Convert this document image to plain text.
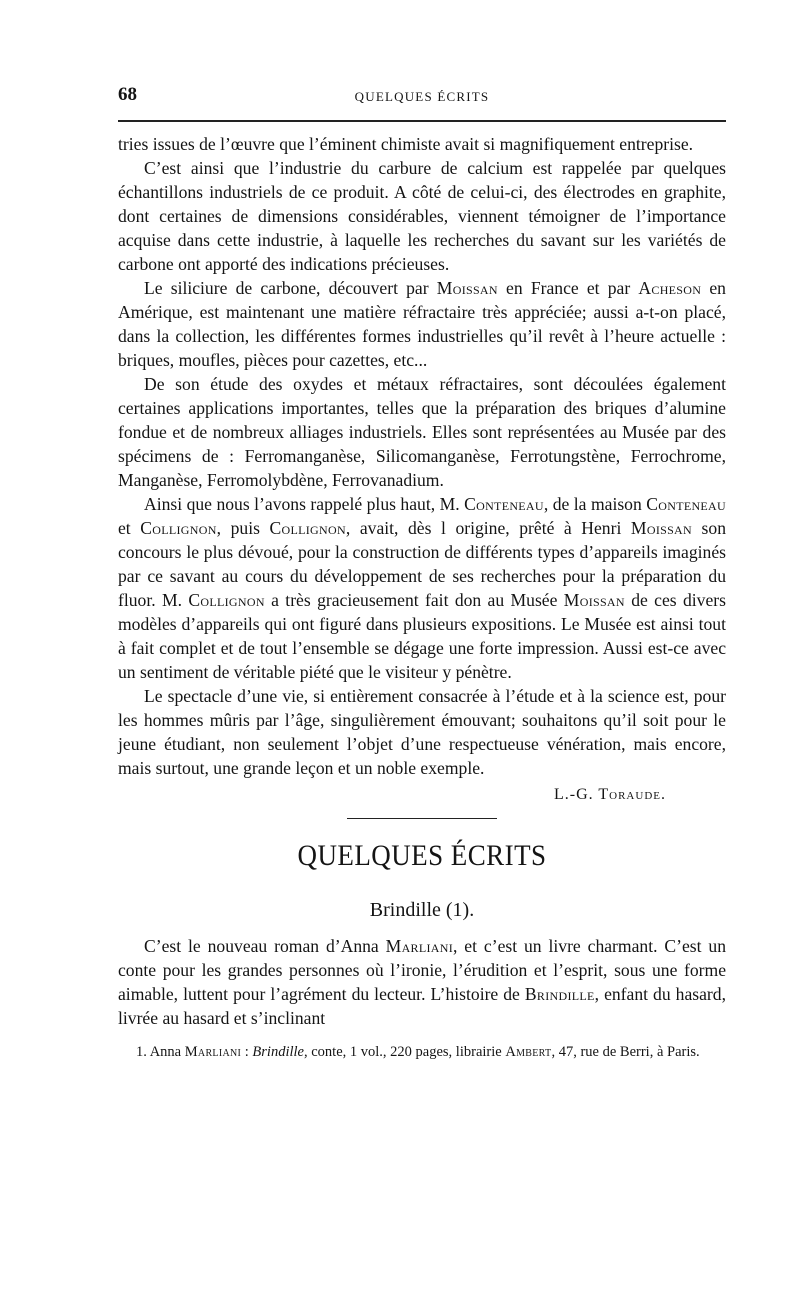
68	QUELQUES ÉCRITS

tries issues de l’œuvre que l’éminent chimiste avait si magnifiquement entreprise.

C’est ainsi que l’industrie du carbure de calcium est rappelée par quelques échantillons industriels de ce produit. A côté de celui-ci, des électrodes en graphite, dont certaines de dimensions considérables, viennent témoigner de l’importance acquise dans cette industrie, à laquelle les recherches du savant sur les variétés de carbone ont apporté des indications précieuses.

Le siliciure de carbone, découvert par Moissan en France et par Acheson en Amérique, est maintenant une matière réfractaire très appréciée; aussi a-t-on placé, dans la collection, les différentes formes industrielles qu’il revêt à l’heure actuelle : briques, moufles, pièces pour cazettes, etc...

De son étude des oxydes et métaux réfractaires, sont découlées également certaines applications importantes, telles que la préparation des briques d’alumine fondue et de nombreux alliages industriels. Elles sont représentées au Musée par des spécimens de : Ferromanganèse, Silicomanganèse, Ferrotungstène, Ferrochrome, Manganèse, Ferromolybdène, Ferrovanadium.

Ainsi que nous l’avons rappelé plus haut, M. Conteneau, de la maison Conteneau et Collignon, puis Collignon, avait, dès l origine, prêté à Henri Moissan son concours le plus dévoué, pour la construction de différents types d’appareils imaginés par ce savant au cours du développement de ses recherches pour la préparation du fluor. M. Collignon a très gracieusement fait don au Musée Moissan de ces divers modèles d’appareils qui ont figuré dans plusieurs expositions. Le Musée est ainsi tout à fait complet et de tout l’ensemble se dégage une forte impression. Aussi est-ce avec un sentiment de véritable piété que le visiteur y pénètre.

Le spectacle d’une vie, si entièrement consacrée à l’étude et à la science est, pour les hommes mûris par l’âge, singulièrement émouvant; souhaitons qu’il soit pour le jeune étudiant, non seulement l’objet d’une respectueuse vénération, mais encore, mais surtout, une grande leçon et un noble exemple.

L.-G. Toraude.
QUELQUES ÉCRITS
Brindille (1).

C’est le nouveau roman d’Anna Marliani, et c’est un livre charmant. C’est un conte pour les grandes personnes où l’ironie, l’érudition et l’esprit, sous une forme aimable, luttent pour l’agrément du lecteur. L’histoire de Brindille, enfant du hasard, livrée au hasard et s’inclinant

1. Anna Marliani : Brindille, conte, 1 vol., 220 pages, librairie Ambert, 47, rue de Berri, à Paris.
